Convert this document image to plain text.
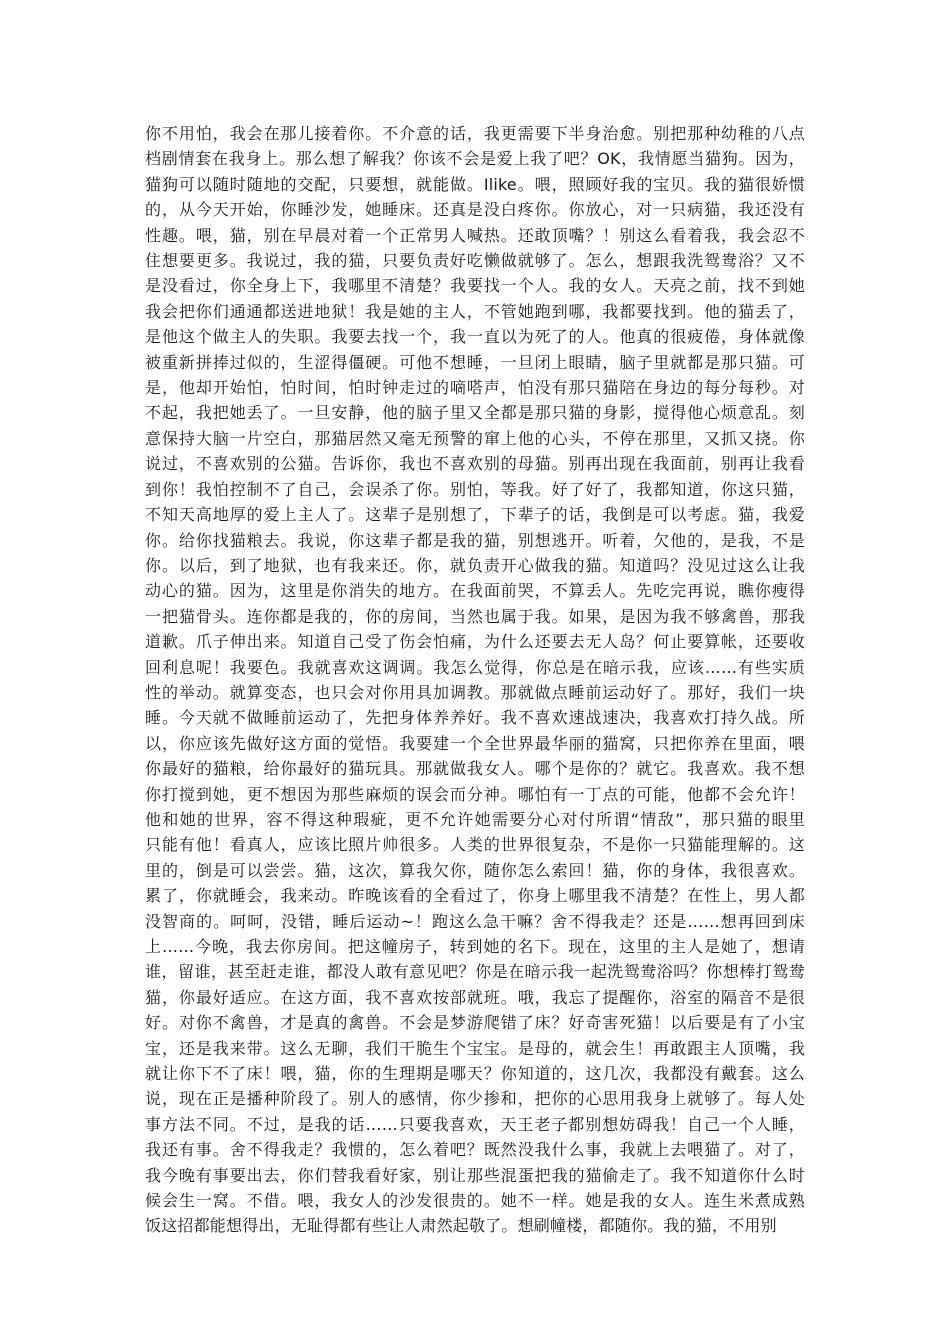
你不用怕，我会在那儿接着你。不介意的话，我更需要下半身治愈。别把那种幼稚的八点
档剧情套在我身上。那么想了解我？你该不会是爱上我了吧？OK，我情愿当猫狗。因为，
猫狗可以随时随地的交配，只要想，就能做。Ilike。喂，照顾好我的宝贝。我的猫很娇惯
的，从今天开始，你睡沙发，她睡床。还真是没白疼你。你放心，对一只病猫，我还没有
性趣。喂，猫，别在早晨对着一个正常男人喊热。还敢顶嘴？！别这么看着我，我会忍不
住想要更多。我说过，我的猫，只要负责好吃懒做就够了。怎么，想跟我洗鸳鸯浴？又不
是没看过，你全身上下，我哪里不清楚？我要找一个人。我的女人。天亮之前，找不到她
我会把你们通通都送进地狱！我是她的主人，不管她跑到哪，我都要找到。他的猫丢了，
是他这个做主人的失职。我要去找一个，我一直以为死了的人。他真的很疲倦，身体就像
被重新拼捧过似的，生涩得僵硬。可他不想睡，一旦闭上眼睛，脑子里就都是那只猫。可
是，他却开始怕，怕时间，怕时钟走过的嘀嗒声，怕没有那只猫陪在身边的每分每秒。对
不起，我把她丢了。一旦安静，他的脑子里又全都是那只猫的身影，搅得他心烦意乱。刻
意保持大脑一片空白，那猫居然又毫无预警的窜上他的心头，不停在那里，又抓又挠。你
说过，不喜欢别的公猫。告诉你，我也不喜欢别的母猫。别再出现在我面前，别再让我看
到你！我怕控制不了自己，会误杀了你。别怕，等我。好了好了，我都知道，你这只猫，
不知天高地厚的爱上主人了。这辈子是别想了，下辈子的话，我倒是可以考虑。猫，我爱
你。给你找猫粮去。我说，你这辈子都是我的猫，别想逃开。听着，欠他的，是我，不是
你。以后，到了地狱，也有我来还。你，就负责开心做我的猫。知道吗？没见过这么让我
动心的猫。因为，这里是你消失的地方。在我面前哭，不算丢人。先吃完再说，瞧你瘦得
一把猫骨头。连你都是我的，你的房间，当然也属于我。如果，是因为我不够禽兽，那我
道歉。爪子伸出来。知道自己受了伤会怕痛，为什么还要去无人岛？何止要算帐，还要收
回利息呢！我要色。我就喜欢这调调。我怎么觉得，你总是在暗示我，应该……有些实质
性的举动。就算变态，也只会对你用具加调教。那就做点睡前运动好了。那好，我们一块
睡。今天就不做睡前运动了，先把身体养养好。我不喜欢速战速决，我喜欢打持久战。所
以，你应该先做好这方面的觉悟。我要建一个全世界最华丽的猫窝，只把你养在里面，喂
你最好的猫粮，给你最好的猫玩具。那就做我女人。哪个是你的？就它。我喜欢。我不想
你打搅到她，更不想因为那些麻烦的误会而分神。哪怕有一丁点的可能，他都不会允许！
他和她的世界，容不得这种瑕疵，更不允许她需要分心对付所谓“情敌”，那只猫的眼里
只能有他！看真人，应该比照片帅很多。人类的世界很复杂，不是你一只猫能理解的。这
里的，倒是可以尝尝。猫，这次，算我欠你，随你怎么索回！猫，你的身体，我很喜欢。
累了，你就睡会，我来动。昨晚该看的全看过了，你身上哪里我不清楚？在性上，男人都
没智商的。呵呵，没错，睡后运动~！跑这么急干嘛？舍不得我走？还是……想再回到床
上……今晚，我去你房间。把这幢房子，转到她的名下。现在，这里的主人是她了，想请
谁，留谁，甚至赶走谁，都没人敢有意见吧？你是在暗示我一起洗鸳鸯浴吗？你想棒打鸳鸯
猫，你最好适应。在这方面，我不喜欢按部就班。哦，我忘了提醒你，浴室的隔音不是很
好。对你不禽兽，才是真的禽兽。不会是梦游爬错了床？好奇害死猫！以后要是有了小宝
宝，还是我来带。这么无聊，我们干脆生个宝宝。是母的，就会生！再敢跟主人顶嘴，我
就让你下不了床！喂，猫，你的生理期是哪天？你知道的，这几次，我都没有戴套。这么
说，现在正是播种阶段了。别人的感情，你少掺和，把你的心思用我身上就够了。每人处
事方法不同。不过，是我的话……只要我喜欢，天王老子都别想妨碍我！自己一个人睡，
我还有事。舍不得我走？我惯的，怎么着吧？既然没我什么事，我就上去喂猫了。对了，
我今晚有事要出去，你们替我看好家，别让那些混蛋把我的猫偷走了。我不知道你什么时
候会生一窝。不借。喂，我女人的沙发很贵的。她不一样。她是我的女人。连生米煮成熟
饭这招都能想得出，无耻得都有些让人肃然起敬了。想刷幢楼，都随你。我的猫，不用别
